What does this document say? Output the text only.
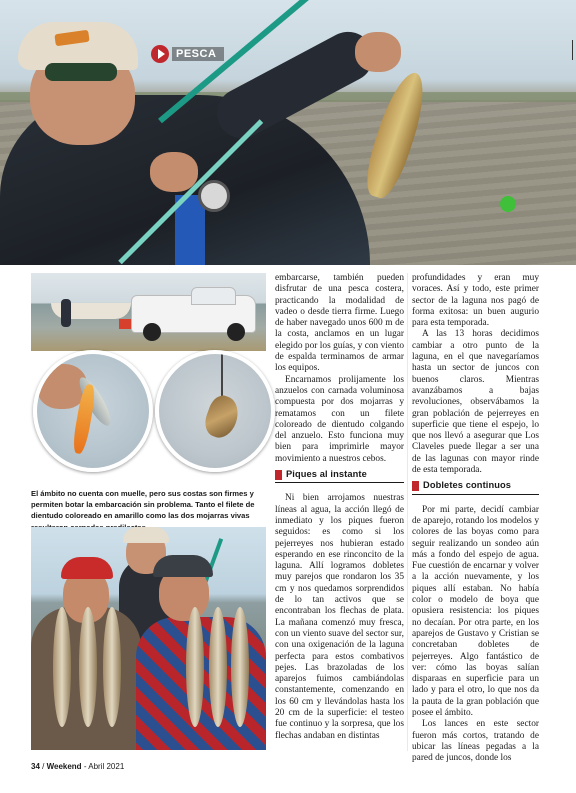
PESCA
El ámbito no cuenta con muelle, pero sus costas son firmes y permiten botar la embarcación sin problema. Tanto el filete de dientudo coloreado en amarillo como las dos mojarras vivas

embarcarse, también pueden disfrutar de una pesca costera, practicando la modalidad de vadeo o desde tierra firme. Luego de haber navegado unos 600 m de la costa, anclamos en un lugar elegido por los guías, y con viento de espalda terminamos de armar los equipos.

Encarnamos prolijamente los anzuelos con carnada voluminosa compuesta por dos mojarras y rematamos con un filete coloreado de dientudo colgando del anzuelo. Esto funciona muy bien para imprimirle mayor movimiento a nuestros cebos.

Piques al instante

Ni bien arrojamos nuestras líneas al agua, la acción llegó de inmediato y los piques fueron seguidos: es como si los pejerreyes nos hubieran estado esperando en ese rinconcito de la laguna. Allí logramos dobletes muy parejos que rondaron los 35 cm y nos quedamos sorprendidos de lo tan activos que se encontraban los flechas de plata. La mañana comenzó muy fresca, con un viento suave del sector sur, con una oxigenación de la laguna perfecta para estos combativos pejes. Las brazoladas de los aparejos fuimos cambiándolas constantemente, comenzando en los 60 cm y llevándolas hasta los 20 cm de la superficie: el testeo fue continuo y la sorpresa, que los flechas andaban en distintas

profundidades y eran muy voraces. Así y todo, este primer sector de la laguna nos pagó de forma exitosa: un buen augurio para esta temporada.

A las 13 horas decidimos cambiar a otro punto de la laguna, en el que navegaríamos hasta un sector de juncos con buenos claros. Mientras avanzábamos a bajas revoluciones, observábamos la gran población de pejerreyes en superficie que tiene el espejo, lo que nos llevó a asegurar que Los Claveles puede llegar a ser una de las lagunas con mayor rinde de esta temporada.

Dobletes continuos

Por mi parte, decidí cambiar de aparejo, rotando los modelos y colores de las boyas como para seguir realizando un sondeo aún más a fondo del espejo de agua. Fue cuestión de encarnar y volver a la acción nuevamente, y los piques allí estaban. No había color o modelo de boya que opusiera resistencia: los piques no decaían. Por otra parte, en los aparejos de Gustavo y Cristian se concretaban dobletes de pejerreyes. Algo fantástico de ver: cómo las boyas salían disparaas en superficie para un lado y para el otro, lo que nos da la pauta de la gran población que posee el ámbito.

Los lances en este sector fueron más cortos, tratando de ubicar las líneas pegadas a la pared de juncos, donde los

34 / Weekend - Abril 2021
